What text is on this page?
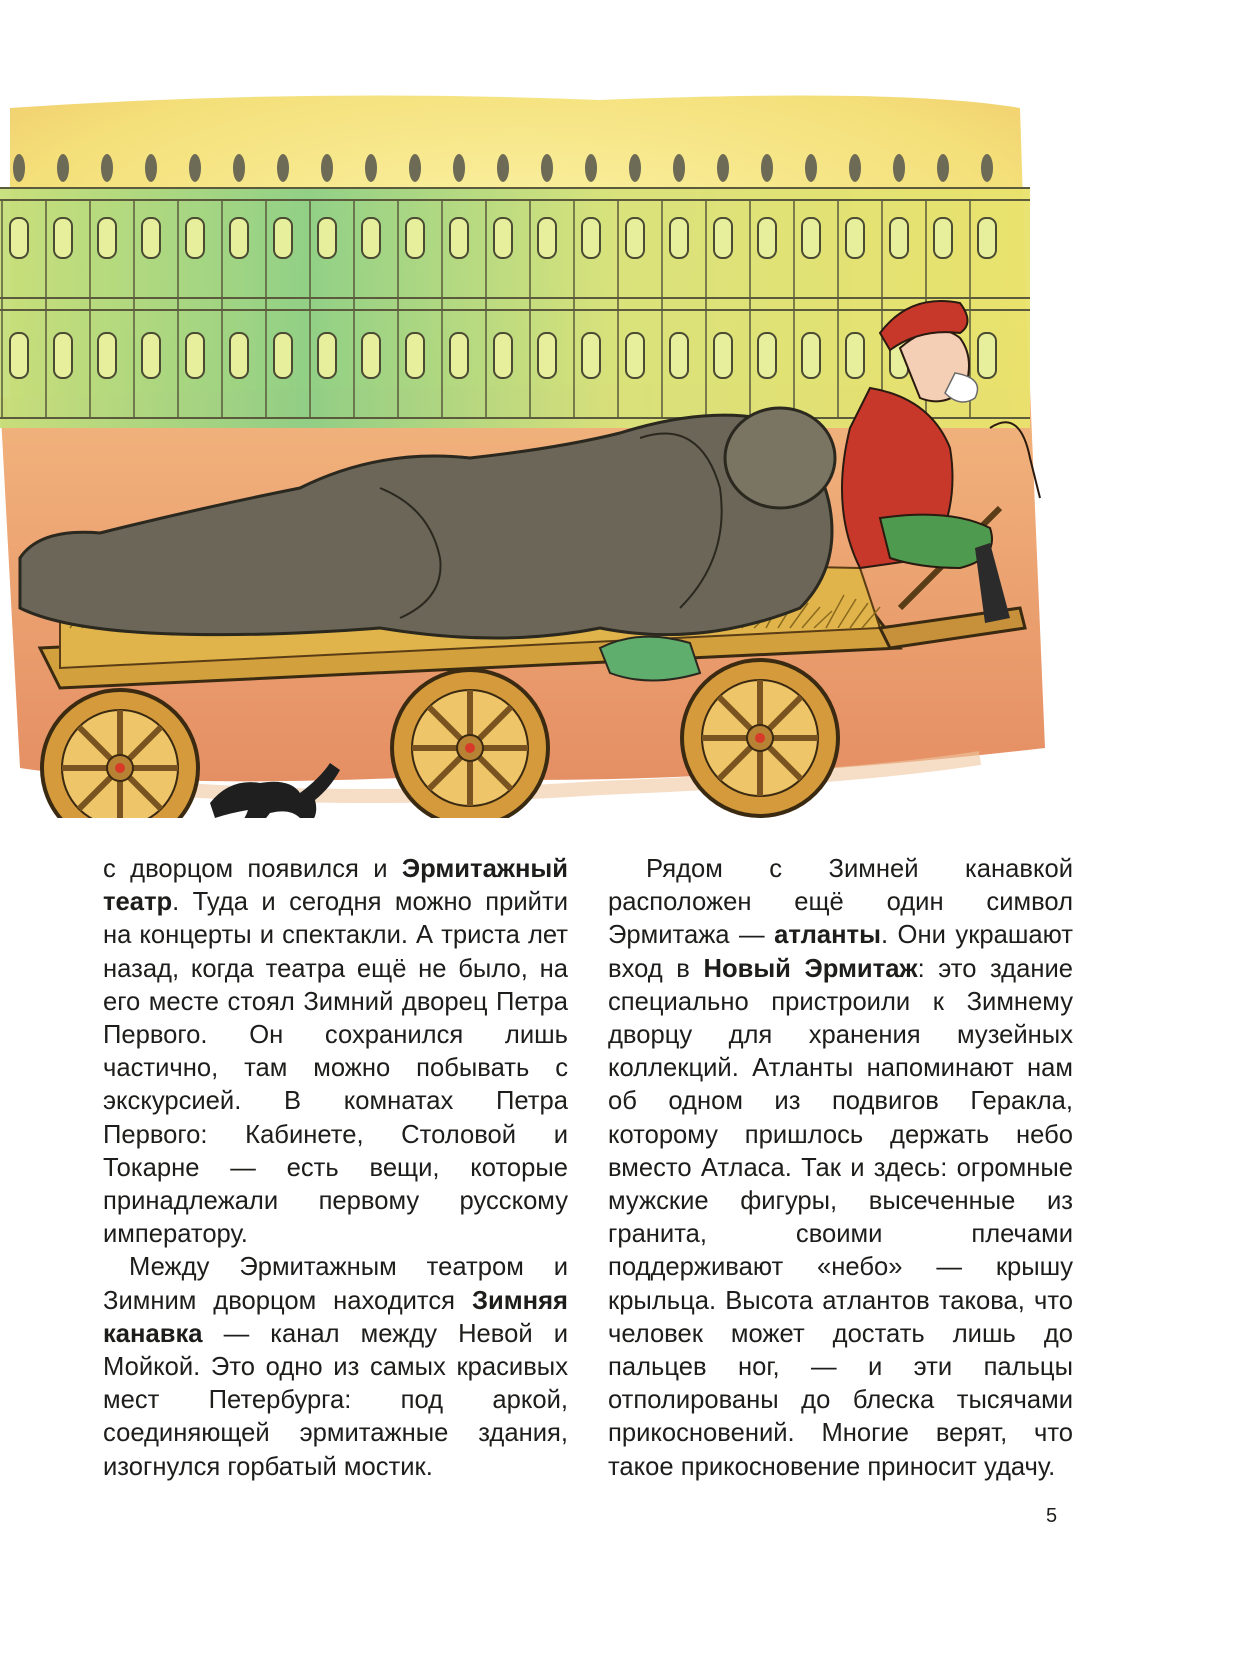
с дворцом появился и Эрмитажный театр. Туда и сегодня можно прийти на концерты и спектакли. А триста лет назад, когда театра ещё не было, на его месте стоял Зимний дворец Петра Первого. Он сохранился лишь частично, там можно побывать с экскурсией. В комнатах Петра Первого: Кабинете, Столовой и Токарне — есть вещи, которые принадлежали первому русскому императору.

Между Эрмитажным театром и Зимним дворцом находится Зимняя канавка — канал между Невой и Мойкой. Это одно из самых красивых мест Петербурга: под аркой, соединяющей эрмитажные здания, изогнулся горбатый мостик.

Рядом с Зимней канавкой расположен ещё один символ Эрмитажа — атланты. Они украшают вход в Новый Эрмитаж: это здание специально пристроили к Зимнему дворцу для хранения музейных коллекций. Атланты напоминают нам об одном из подвигов Геракла, которому пришлось держать небо вместо Атласа. Так и здесь: огромные мужские фигуры, высеченные из гранита, своими плечами поддерживают «небо» — крышу крыльца. Высота атлантов такова, что человек может достать лишь до пальцев ног, — и эти пальцы отполированы до блеска тысячами прикосновений. Многие верят, что такое прикосновение приносит удачу.

5
